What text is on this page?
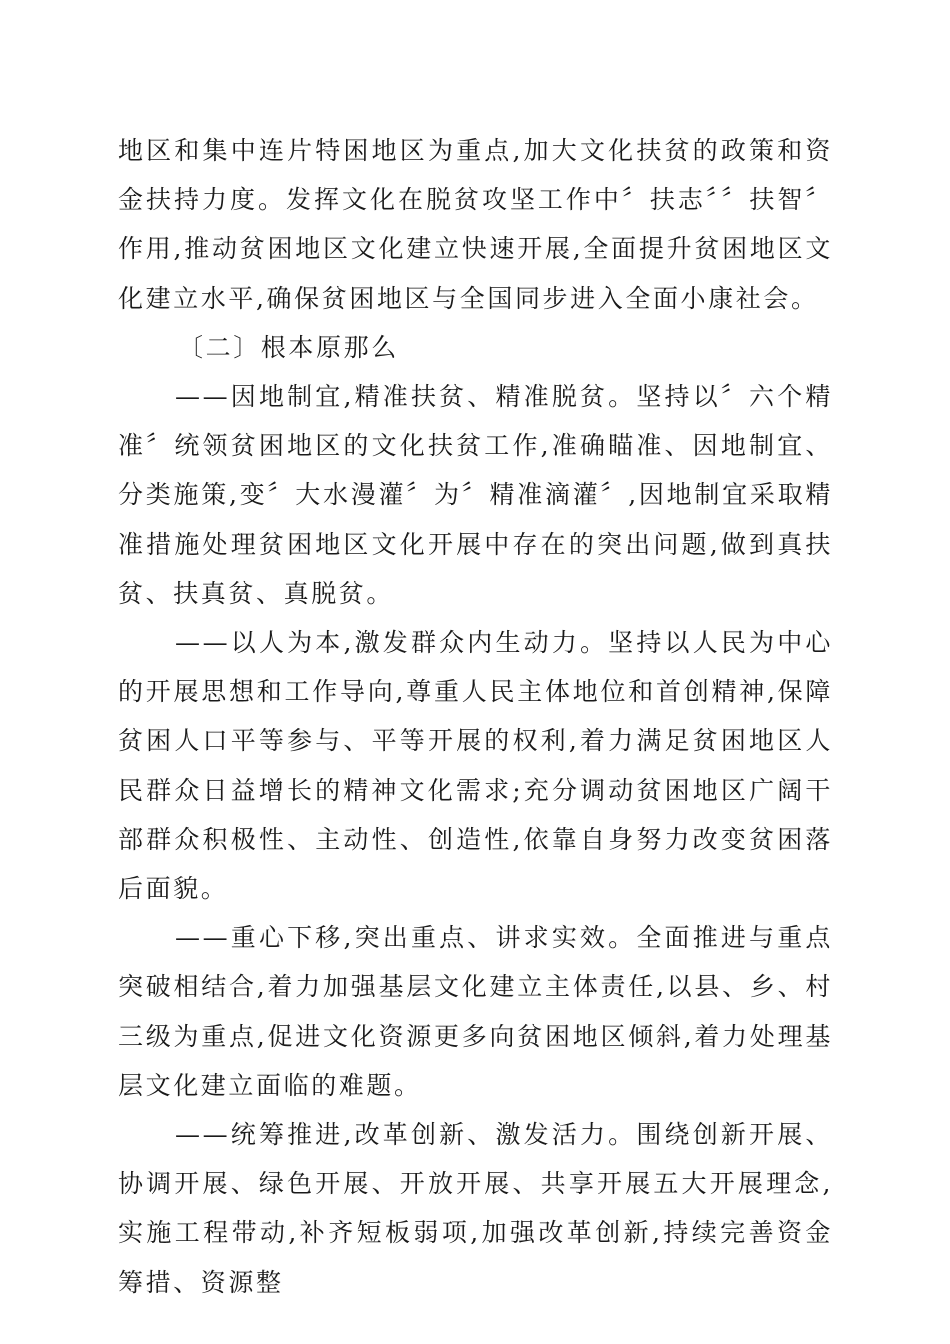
地区和集中连片特困地区为重点,加大文化扶贫的政策和资金扶持力度。发挥文化在脱贫攻坚工作中〞扶志〞〞扶智〞作用,推动贫困地区文化建立快速开展,全面提升贫困地区文化建立水平,确保贫困地区与全国同步进入全面小康社会。

〔二〕根本原那么

——因地制宜,精准扶贫、精准脱贫。坚持以〞六个精准〞统领贫困地区的文化扶贫工作,准确瞄准、因地制宜、分类施策,变〞大水漫灌〞为〞精准滴灌〞,因地制宜采取精准措施处理贫困地区文化开展中存在的突出问题,做到真扶贫、扶真贫、真脱贫。

——以人为本,激发群众内生动力。坚持以人民为中心的开展思想和工作导向,尊重人民主体地位和首创精神,保障贫困人口平等参与、平等开展的权利,着力满足贫困地区人民群众日益增长的精神文化需求;充分调动贫困地区广阔干部群众积极性、主动性、创造性,依靠自身努力改变贫困落后面貌。

——重心下移,突出重点、讲求实效。全面推进与重点突破相结合,着力加强基层文化建立主体责任,以县、乡、村三级为重点,促进文化资源更多向贫困地区倾斜,着力处理基层文化建立面临的难题。

——统筹推进,改革创新、激发活力。围绕创新开展、协调开展、绿色开展、开放开展、共享开展五大开展理念,实施工程带动,补齐短板弱项,加强改革创新,持续完善资金筹措、资源整
